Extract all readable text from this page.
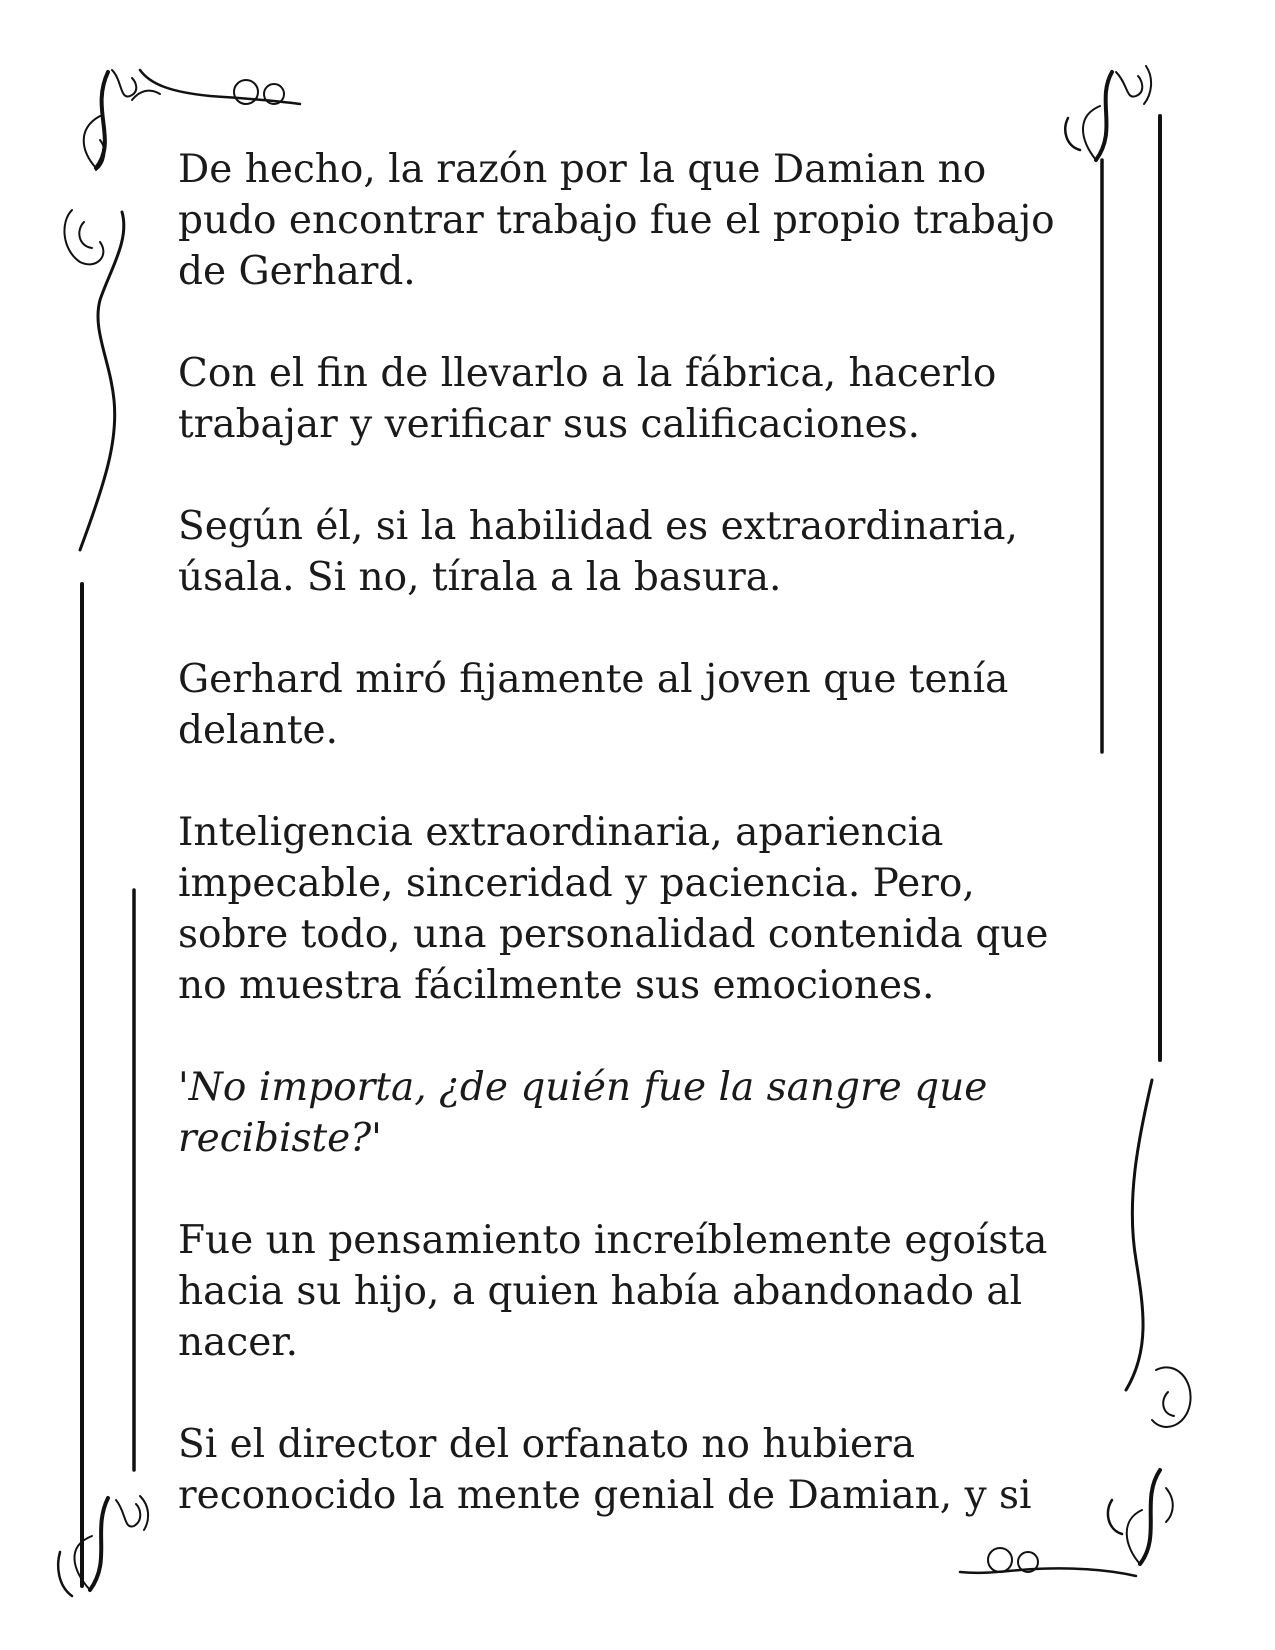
De hecho, la razón por la que Damian no pudo encontrar trabajo fue el propio trabajo de Gerhard.

Con el fin de llevarlo a la fábrica, hacerlo trabajar y verificar sus calificaciones.

Según él, si la habilidad es extraordinaria, úsala. Si no, tírala a la basura.

Gerhard miró fijamente al joven que tenía delante.

Inteligencia extraordinaria, apariencia impecable, sinceridad y paciencia. Pero, sobre todo, una personalidad contenida que no muestra fácilmente sus emociones.

'No importa, ¿de quién fue la sangre que recibiste?'

Fue un pensamiento increíblemente egoísta hacia su hijo, a quien había abandonado al nacer.

Si el director del orfanato no hubiera reconocido la mente genial de Damian, y si
